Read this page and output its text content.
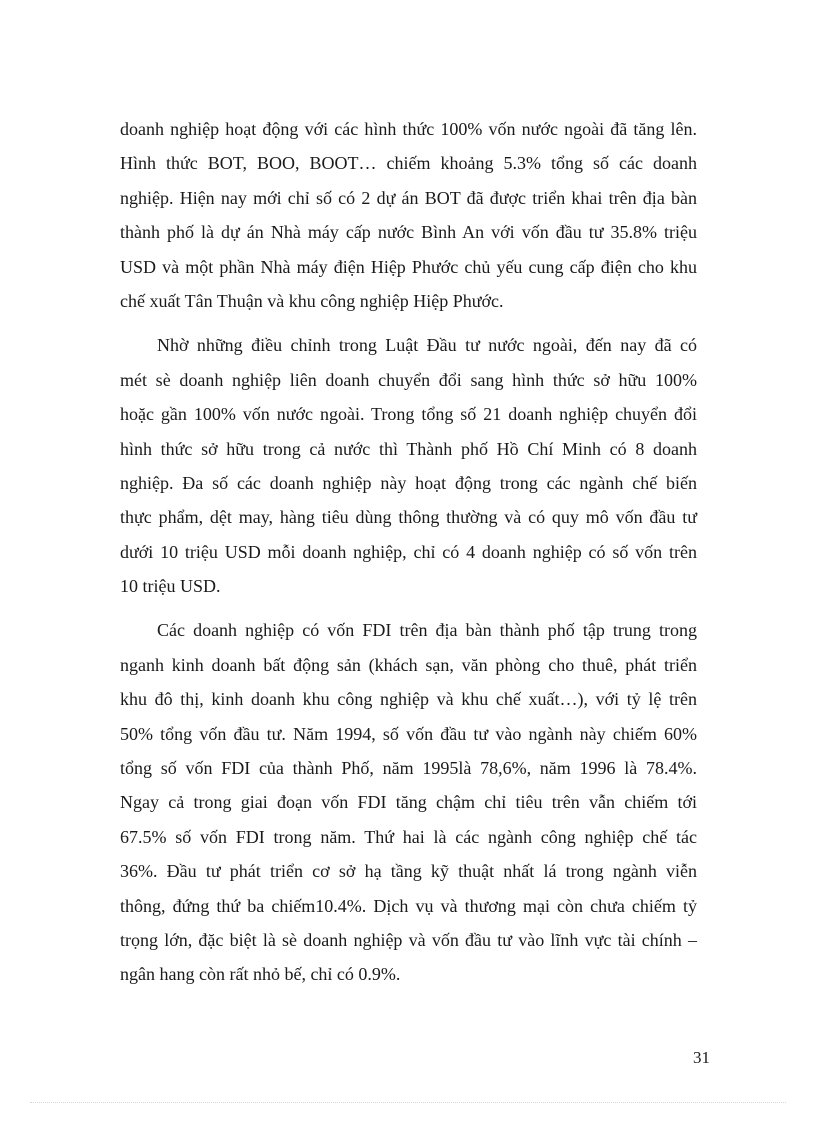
doanh nghiệp hoạt động với các hình thức 100% vốn nước ngoài đã tăng lên.
Hình thức BOT, BOO, BOOT… chiếm khoảng 5.3% tổng số các doanh
nghiệp. Hiện nay mới chỉ số có 2 dự án BOT đã được triển khai trên địa bàn
thành phố là dự án Nhà máy cấp nước Bình An với vốn đầu tư 35.8% triệu
USD và một phần Nhà máy điện Hiệp Phước chủ yếu cung cấp điện cho khu
chế xuất Tân Thuận và khu công nghiệp Hiệp Phước.

Nhờ những điều chỉnh trong Luật Đầu tư nước ngoài, đến nay đã có
mét sè doanh nghiệp liên doanh chuyển đổi sang hình thức sở hữu 100%
hoặc gần 100% vốn nước ngoài. Trong tổng số 21 doanh nghiệp chuyển đổi
hình thức sở hữu trong cả nước thì Thành phố Hồ Chí Minh có 8 doanh
nghiệp. Đa số các doanh nghiệp này hoạt động trong các ngành chế biến
thực phẩm, dệt may, hàng tiêu dùng thông thường và có quy mô vốn đầu tư
dưới 10 triệu USD mỗi doanh nghiệp, chỉ có 4 doanh nghiệp có số vốn trên
10 triệu USD.

Các doanh nghiệp có vốn FDI trên địa bàn thành phố tập trung trong
nganh kinh doanh bất động sản (khách sạn, văn phòng cho thuê, phát triển
khu đô thị, kinh doanh khu công nghiệp và khu chế xuất…), với tỷ lệ trên
50% tổng vốn đầu tư. Năm 1994, số vốn đầu tư vào ngành này chiếm 60%
tổng số vốn FDI của thành Phố, năm 1995là 78,6%, năm 1996 là 78.4%.
Ngay cả trong giai đoạn vốn FDI tăng chậm chỉ tiêu trên vẫn chiếm tới
67.5% số vốn FDI trong năm. Thứ hai là các ngành công nghiệp chế tác
36%. Đầu tư phát triển cơ sở hạ tầng kỹ thuật nhất lá trong ngành viễn
thông, đứng thứ ba chiếm10.4%. Dịch vụ và thương mại còn chưa chiếm tỷ
trọng lớn, đặc biệt là sè doanh nghiệp và vốn đầu tư vào lĩnh vực tài chính –
ngân hang còn rất nhỏ bế, chỉ có 0.9%.

31
